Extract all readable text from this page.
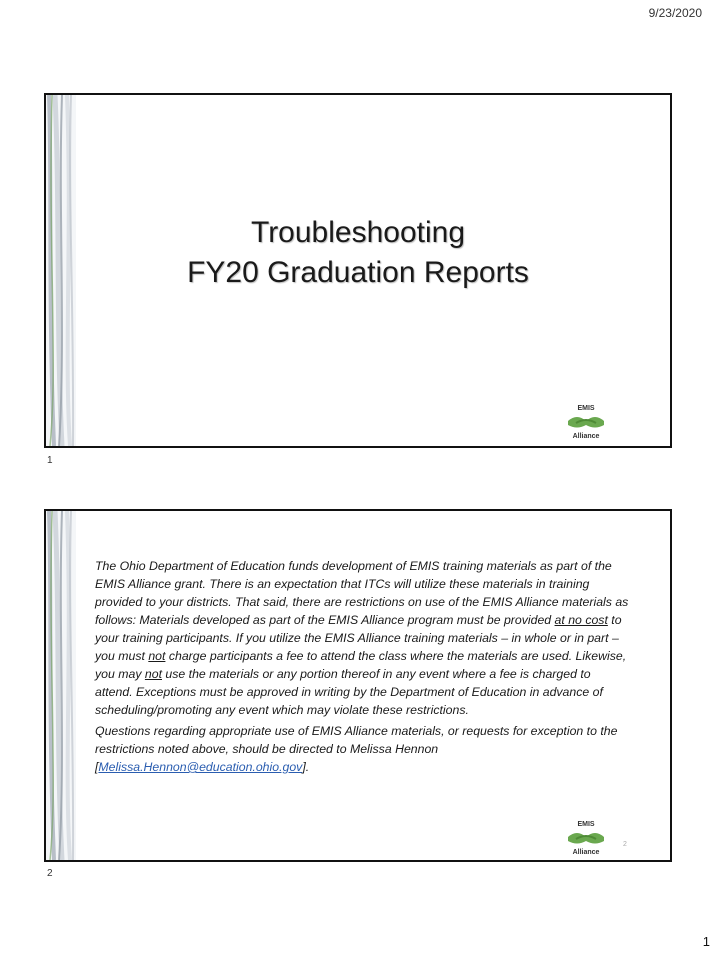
9/23/2020
Troubleshooting
FY20 Graduation Reports
EMIS
Alliance
1

The Ohio Department of Education funds development of EMIS training materials as part of the EMIS Alliance grant. There is an expectation that ITCs will utilize these materials in training provided to your districts. That said, there are restrictions on use of the EMIS Alliance materials as follows: Materials developed as part of the EMIS Alliance program must be provided at no cost to your training participants. If you utilize the EMIS Alliance training materials – in whole or in part – you must not charge participants a fee to attend the class where the materials are used. Likewise, you may not use the materials or any portion thereof in any event where a fee is charged to attend. Exceptions must be approved in writing by the Department of Education in advance of scheduling/promoting any event which may violate these restrictions.

Questions regarding appropriate use of EMIS Alliance materials, or requests for exception to the restrictions noted above, should be directed to Melissa Hennon [Melissa.Hennon@education.ohio.gov].

EMIS
Alliance
2
2
1
